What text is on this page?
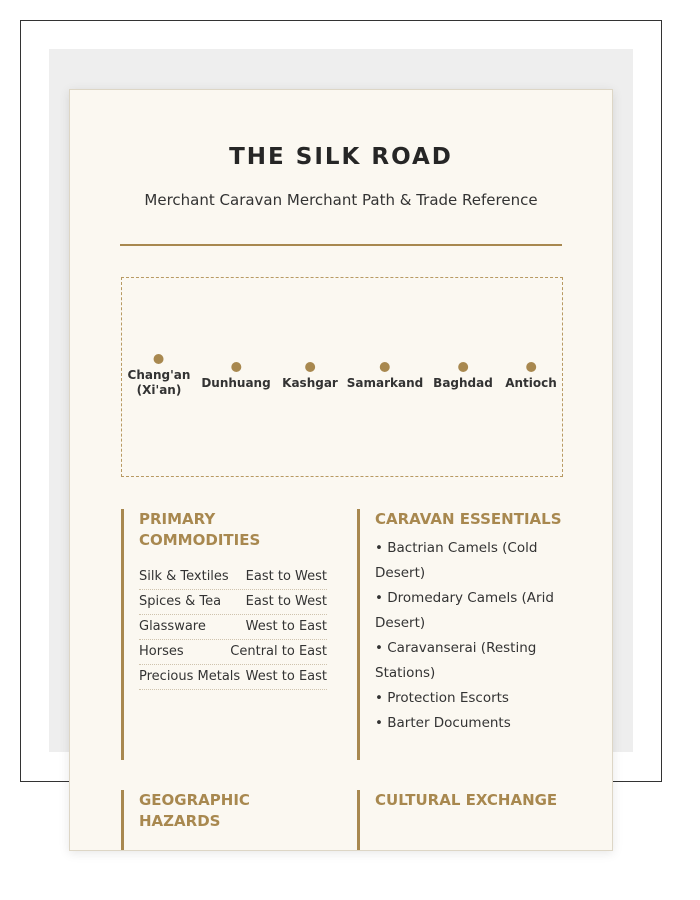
THE SILK ROAD
Merchant Caravan Merchant Path & Trade Reference
Chang'an
(Xi'an)	Dunhuang Kashgar Samarkand Baghdad Antioch
PRIMARY COMMODITIES
Silk & Textiles East to West
Spices & Tea East to West
Glassware	West to East
Horses	Central to East
Precious Metals West to East
CARAVAN ESSENTIALS
• Bactrian Camels (Cold Desert)
• Dromedary Camels (Arid Desert)
• Caravanserai (Resting Stations)
• Protection Escorts
• Barter Documents
GEOGRAPHIC HAZARDS
CULTURAL EXCHANGE
